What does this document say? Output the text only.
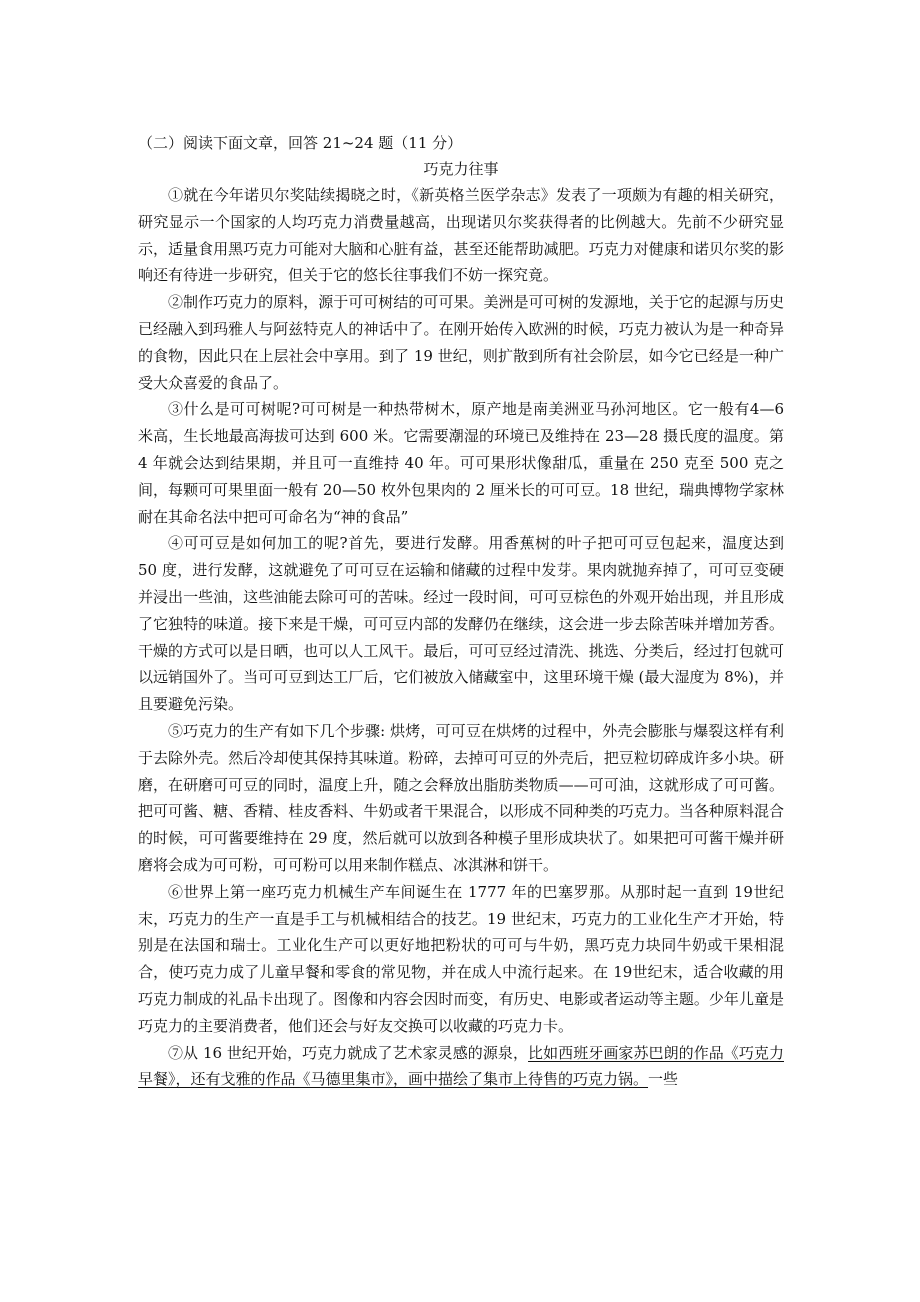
（二）阅读下面文章，回答 21~24 题（11 分）

巧克力往事

①就在今年诺贝尔奖陆续揭晓之时，《新英格兰医学杂志》发表了一项颇为有趣的相关研究，研究显示一个国家的人均巧克力消费量越高，出现诺贝尔奖获得者的比例越大。先前不少研究显示，适量食用黑巧克力可能对大脑和心脏有益，甚至还能帮助减肥。巧克力对健康和诺贝尔奖的影响还有待进一步研究，但关于它的悠长往事我们不妨一探究竟。

②制作巧克力的原料，源于可可树结的可可果。美洲是可可树的发源地，关于它的起源与历史已经融入到玛雅人与阿兹特克人的神话中了。在刚开始传入欧洲的时候，巧克力被认为是一种奇异的食物，因此只在上层社会中享用。到了 19 世纪，则扩散到所有社会阶层，如今它已经是一种广受大众喜爱的食品了。

③什么是可可树呢?可可树是一种热带树木，原产地是南美洲亚马孙河地区。它一般有4—6 米高，生长地最高海拔可达到 600 米。它需要潮湿的环境已及维持在 23—28 摄氏度的温度。第 4 年就会达到结果期，并且可一直维持 40 年。可可果形状像甜瓜，重量在 250 克至 500 克之间，每颗可可果里面一般有 20—50 枚外包果肉的 2 厘米长的可可豆。18 世纪，瑞典博物学家林耐在其命名法中把可可命名为“神的食品”

④可可豆是如何加工的呢?首先，要进行发酵。用香蕉树的叶子把可可豆包起来，温度达到 50 度，进行发酵，这就避免了可可豆在运输和储藏的过程中发芽。果肉就抛弃掉了，可可豆变硬并浸出一些油，这些油能去除可可的苦味。经过一段时间，可可豆棕色的外观开始出现，并且形成了它独特的味道。接下来是干燥，可可豆内部的发酵仍在继续，这会进一步去除苦味并增加芳香。干燥的方式可以是日晒，也可以人工风干。最后，可可豆经过清洗、挑选、分类后，经过打包就可以远销国外了。当可可豆到达工厂后，它们被放入储藏室中，这里环境干燥 (最大湿度为 8%)，并且要避免污染。

⑤巧克力的生产有如下几个步骤: 烘烤，可可豆在烘烤的过程中，外壳会膨胀与爆裂这样有利于去除外壳。然后冷却使其保持其味道。粉碎，去掉可可豆的外壳后，把豆粒切碎成许多小块。研磨，在研磨可可豆的同时，温度上升，随之会释放出脂肪类物质——可可油，这就形成了可可酱。把可可酱、糖、香精、桂皮香料、牛奶或者干果混合，以形成不同种类的巧克力。当各种原料混合的时候，可可酱要维持在 29 度，然后就可以放到各种模子里形成块状了。如果把可可酱干燥并研磨将会成为可可粉，可可粉可以用来制作糕点、冰淇淋和饼干。

⑥世界上第一座巧克力机械生产车间诞生在 1777 年的巴塞罗那。从那时起一直到 19世纪末，巧克力的生产一直是手工与机械相结合的技艺。19 世纪末，巧克力的工业化生产才开始，特别是在法国和瑞士。工业化生产可以更好地把粉状的可可与牛奶，黑巧克力块同牛奶或干果相混合，使巧克力成了儿童早餐和零食的常见物，并在成人中流行起来。在 19世纪末，适合收藏的用巧克力制成的礼品卡出现了。图像和内容会因时而变，有历史、电影或者运动等主题。少年儿童是巧克力的主要消费者，他们还会与好友交换可以收藏的巧克力卡。

⑦从 16 世纪开始，巧克力就成了艺术家灵感的源泉，比如西班牙画家苏巴朗的作品《巧克力早餐》，还有戈雅的作品《马德里集市》，画中描绘了集市上待售的巧克力锅。一些
